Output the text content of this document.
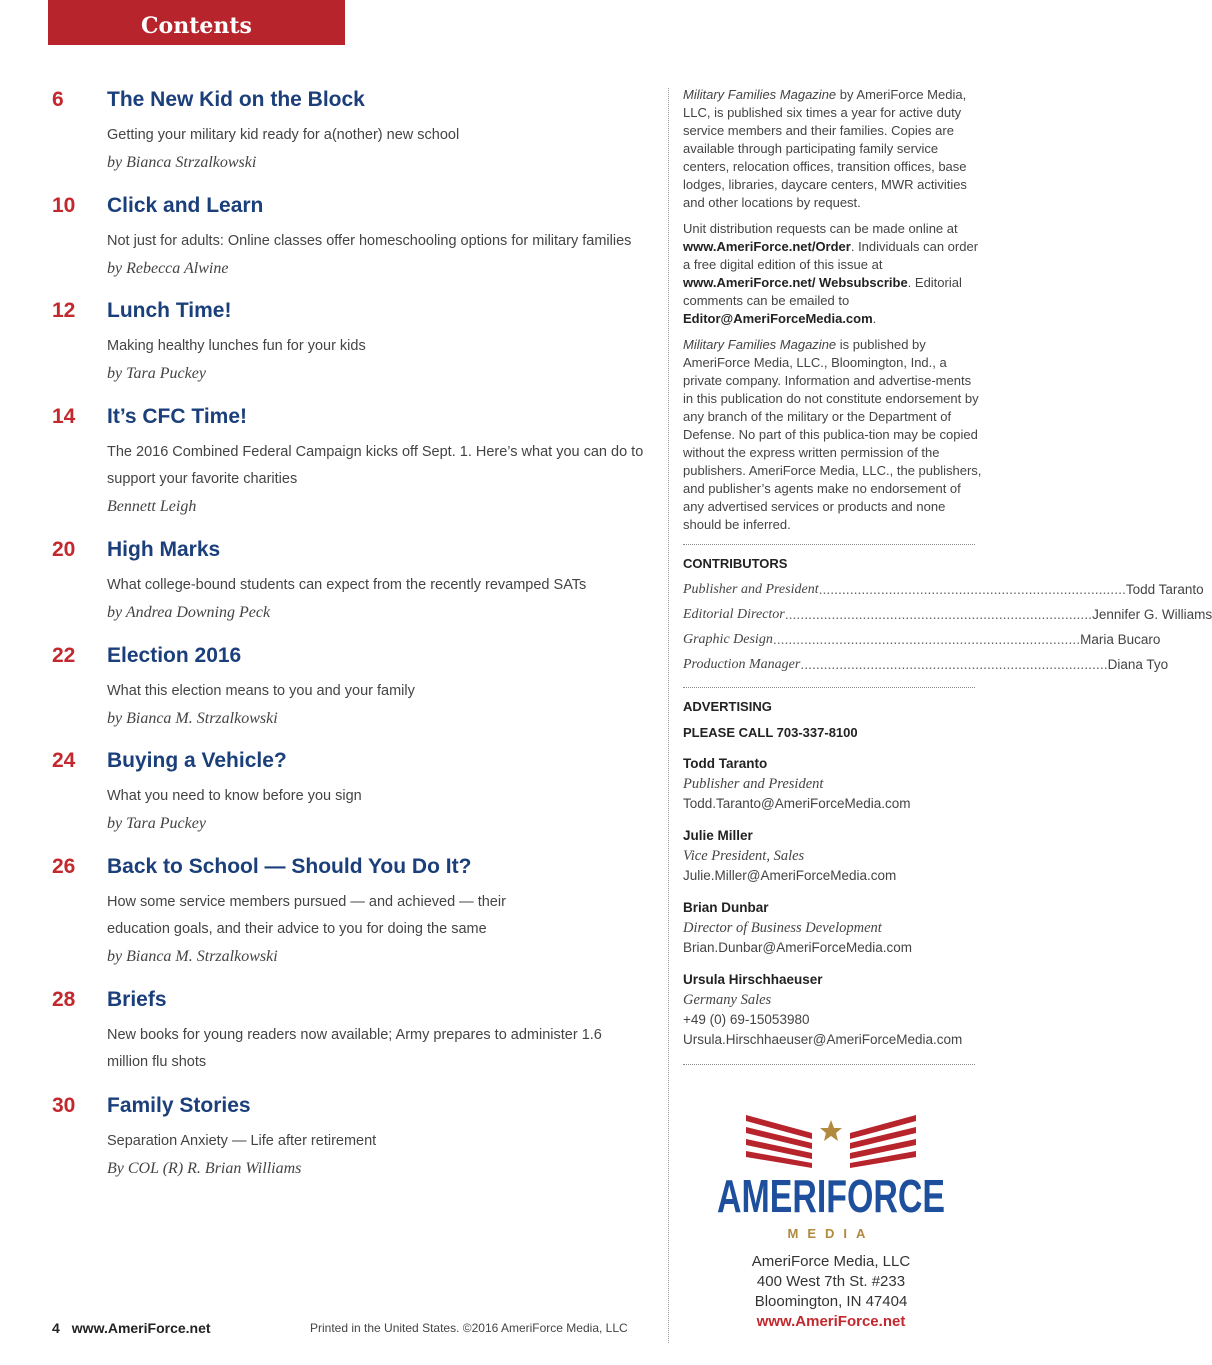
Contents
6 The New Kid on the Block
Getting your military kid ready for a(nother) new school
by Bianca Strzalkowski
10 Click and Learn
Not just for adults: Online classes offer homeschooling options for military families
by Rebecca Alwine
12 Lunch Time!
Making healthy lunches fun for your kids
by Tara Puckey
14 It’s CFC Time!
The 2016 Combined Federal Campaign kicks off Sept. 1. Here’s what you can do to support your favorite charities
Bennett Leigh
20 High Marks
What college-bound students can expect from the recently revamped SATs
by Andrea Downing Peck
22 Election 2016
What this election means to you and your family
by Bianca M. Strzalkowski
24 Buying a Vehicle?
What you need to know before you sign
by Tara Puckey
26 Back to School — Should You Do It?
How some service members pursued — and achieved — their education goals, and their advice to you for doing the same
by Bianca M. Strzalkowski
28 Briefs
New books for young readers now available; Army prepares to administer 1.6 million flu shots
30 Family Stories
Separation Anxiety — Life after retirement
By COL (R) R. Brian Williams

Military Families Magazine by AmeriForce Media, LLC, is published six times a year for active duty service members and their families. Copies are available through participating family service centers, relocation offices, transition offices, base lodges, libraries, daycare centers, MWR activities and other locations by request.

Unit distribution requests can be made online at www.AmeriForce.net/Order. Individuals can order a free digital edition of this issue at www.AmeriForce.net/ Websubscribe. Editorial comments can be emailed to Editor@AmeriForceMedia.com.

Military Families Magazine is published by AmeriForce Media, LLC., Bloomington, Ind., a private company. Information and advertise-ments in this publication do not constitute endorsement by any branch of the military or the Department of Defense. No part of this publica-tion may be copied without the express written permission of the publishers. AmeriForce Media, LLC., the publishers, and publisher’s agents make no endorsement of any advertised services or products and none should be inferred.

CONTRIBUTORS

Publisher and President .....	Todd Taranto
Editorial Director .....	Jennifer G. Williams
Graphic Design .....	Maria Bucaro
Production Manager .....	Diana Tyo

ADVERTISING

PLEASE CALL 703-337-8100

Todd Taranto
Publisher and President
Todd.Taranto@AmeriForceMedia.com
Julie Miller
Vice President, Sales
Julie.Miller@AmeriForceMedia.com
Brian Dunbar
Director of Business Development
Brian.Dunbar@AmeriForceMedia.com
Ursula Hirschhaeuser
Germany Sales
+49 (0) 69-15053980
Ursula.Hirschhaeuser@AmeriForceMedia.com
AMERIFORCE
MEDIA
AmeriForce Media, LLC
400 West 7th St. #233
Bloomington, IN 47404
www.AmeriForce.net
4 www.AmeriForce.net	Printed in the United States. ©2016 AmeriForce Media, LLC
